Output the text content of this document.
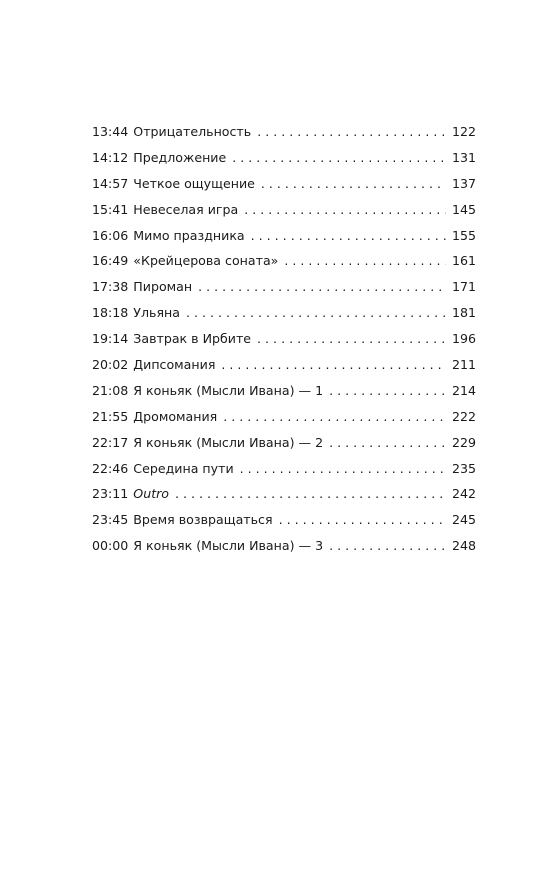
13:44 Отрицательность . . .	122
14:12 Предложение . . .	131
14:57 Четкое ощущение . . .	137
15:41 Невеселая игра . . .	145
16:06 Мимо праздника . . .	155
16:49 «Крейцерова соната» . . .	161
17:38 Пироман . . .	171
18:18 Ульяна . . .	181
19:14 Завтрак в Ирбите . . .	196
20:02 Дипсомания . . .	211
21:08 Я коньяк (Мысли Ивана) — 1 . . .	214
21:55 Дромомания . . .	222
22:17 Я коньяк (Мысли Ивана) — 2 . . .	229
22:46 Середина пути . . .	235
23:11 Outro . . .	242
23:45 Время возвращаться . . .	245
00:00 Я коньяк (Мысли Ивана) — 3 . . .	248
